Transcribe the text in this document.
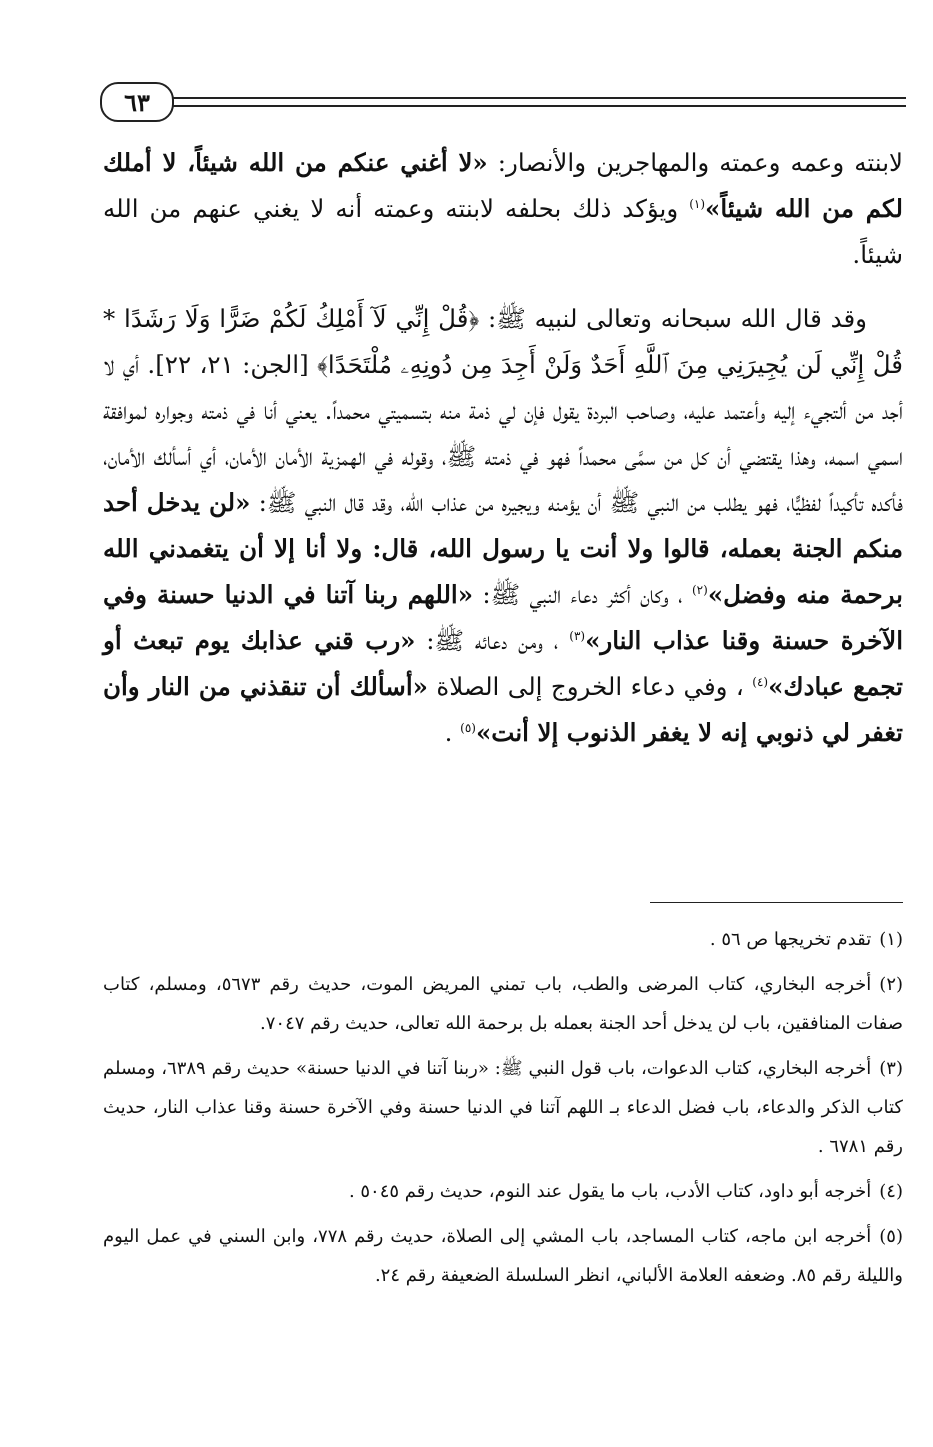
٦٣

لابنته وعمه وعمته والمهاجرين والأنصار: «لا أغني عنكم من الله شيئاً، لا أملك لكم من الله شيئاً»$^{(١)}$ ويؤكد ذلك بحلفه لابنته وعمته أنه لا يغني عنهم من الله شيئاً.

وقد قال الله سبحانه وتعالى لنبيه ﷺ: ﴿قُلْ إِنِّي لَآ أَمْلِكُ لَكُمْ ضَرًّا وَلَا رَشَدًا * قُلْ إِنِّي لَن يُجِيرَنِي مِنَ ٱللَّهِ أَحَدٌ وَلَنْ أَجِدَ مِن دُونِهِۦ مُلْتَحَدًا﴾ [الجن: ٢١، ٢٢]. أي لا أجد من ألتجيء إليه وأعتمد عليه، وصاحب البردة يقول فإن لي ذمة منه بتسميتي محمداً. يعني أنا في ذمته وجواره لموافقة اسمي اسمه، وهذا يقتضي أن كل من سمَّى محمداً فهو في ذمته ﷺ، وقوله في الهمزية الأمان الأمان، أي أسألك الأمان، فأكده تأكيداً لفظيًّا، فهو يطلب من النبي ﷺ أن يؤمنه ويجيره من عذاب الله، وقد قال النبي ﷺ: «لن يدخل أحد منكم الجنة بعمله، قالوا ولا أنت يا رسول الله، قال: ولا أنا إلا أن يتغمدني الله برحمة منه وفضل»$^{(٢)}$ ، وكان أكثر دعاء النبي ﷺ: «اللهم ربنا آتنا في الدنيا حسنة وفي الآخرة حسنة وقنا عذاب النار»$^{(٣)}$ ، ومن دعائه ﷺ: «رب قني عذابك يوم تبعث أو تجمع عبادك»$^{(٤)}$ ، وفي دعاء الخروج إلى الصلاة «أسألك أن تنقذني من النار وأن تغفر لي ذنوبي إنه لا يغفر الذنوب إلا أنت»$^{(٥)}$ .

(١)تقدم تخريجها ص ٥٦ .

(٢)أخرجه البخاري، كتاب المرضى والطب، باب تمني المريض الموت، حديث رقم ٥٦٧٣، ومسلم، كتاب صفات المنافقين، باب لن يدخل أحد الجنة بعمله بل برحمة الله تعالى، حديث رقم ٧٠٤٧.

(٣)أخرجه البخاري، كتاب الدعوات، باب قول النبي ﷺ: «ربنا آتنا في الدنيا حسنة» حديث رقم ٦٣٨٩، ومسلم كتاب الذكر والدعاء، باب فضل الدعاء بـ اللهم آتنا في الدنيا حسنة وفي الآخرة حسنة وقنا عذاب النار، حديث رقم ٦٧٨١ .

(٤)أخرجه أبو داود، كتاب الأدب، باب ما يقول عند النوم، حديث رقم ٥٠٤٥ .

(٥)أخرجه ابن ماجه، كتاب المساجد، باب المشي إلى الصلاة، حديث رقم ٧٧٨، وابن السني في عمل اليوم والليلة رقم ٨٥. وضعفه العلامة الألباني، انظر السلسلة الضعيفة رقم ٢٤.
